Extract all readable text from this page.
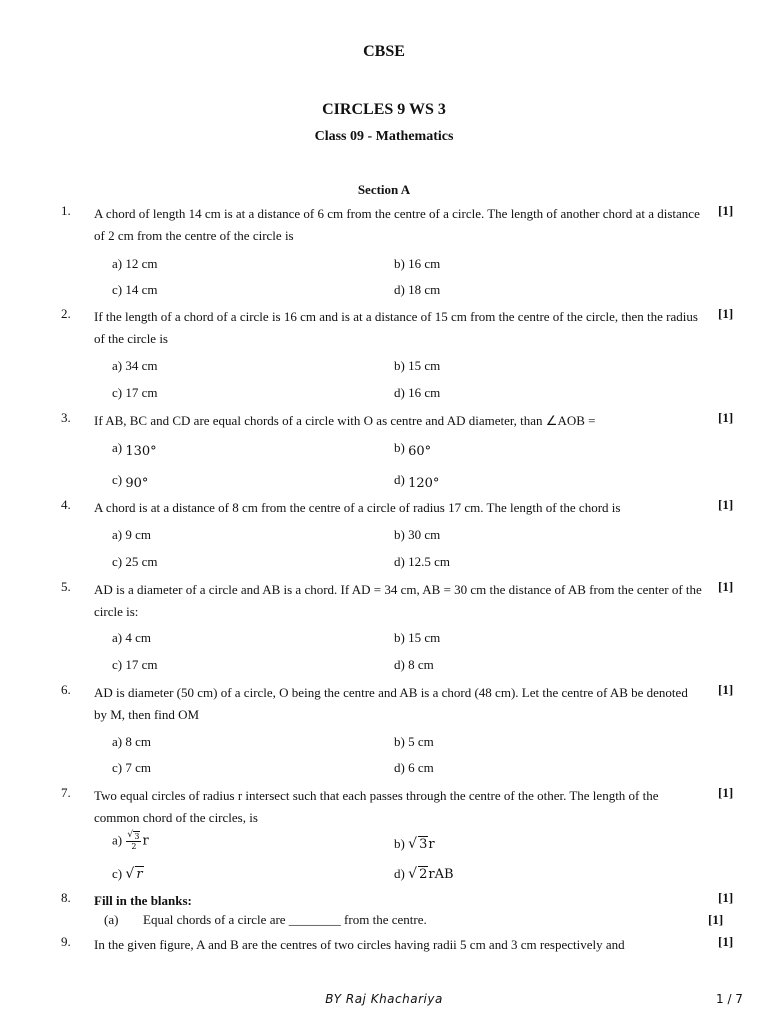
CBSE
CIRCLES 9 WS 3
Class 09 - Mathematics
Section A
1. A chord of length 14 cm is at a distance of 6 cm from the centre of a circle. The length of another chord at a distance of 2 cm from the centre of the circle is
[1]
a) 12 cm	b) 16 cm
c) 14 cm	d) 18 cm
2. If the length of a chord of a circle is 16 cm and is at a distance of 15 cm from the centre of the circle, then the radius of the circle is
[1]
a) 34 cm	b) 15 cm
c) 17 cm	d) 16 cm
3. If AB, BC and CD are equal chords of a circle with O as centre and AD diameter, than ∠AOB =	[1]
a) 130°	b) 60°
c) 90°	d) 120°
4. A chord is at a distance of 8 cm from the centre of a circle of radius 17 cm. The length of the chord is	[1]
a) 9 cm	b) 30 cm
c) 25 cm	d) 12.5 cm
5. AD is a diameter of a circle and AB is a chord. If AD = 34 cm, AB = 30 cm the distance of AB from the center of the circle is:
[1]
a) 4 cm	b) 15 cm
c) 17 cm	d) 8 cm
6. AD is diameter (50 cm) of a circle, O being the centre and AB is a chord (48 cm). Let the centre of AB be denoted by M, then find OM
[1]
a) 8 cm	b) 5 cm
c) 7 cm	d) 6 cm
7. Two equal circles of radius r intersect such that each passes through the centre of the other. The length of the common chord of the circles, is
[1]
a) √ $\frac{3}{2}$ r	b) √ 3r
c) √ r	d) √ 2rAB
8. Fill in the blanks:	[1]
(a) Equal chords of a circle are ________ from the centre.	[1]
9. In the given figure, A and B are the centres of two circles having radii 5 cm and 3 cm respectively and	[1]
BY Raj Khachariya	1 / 7
